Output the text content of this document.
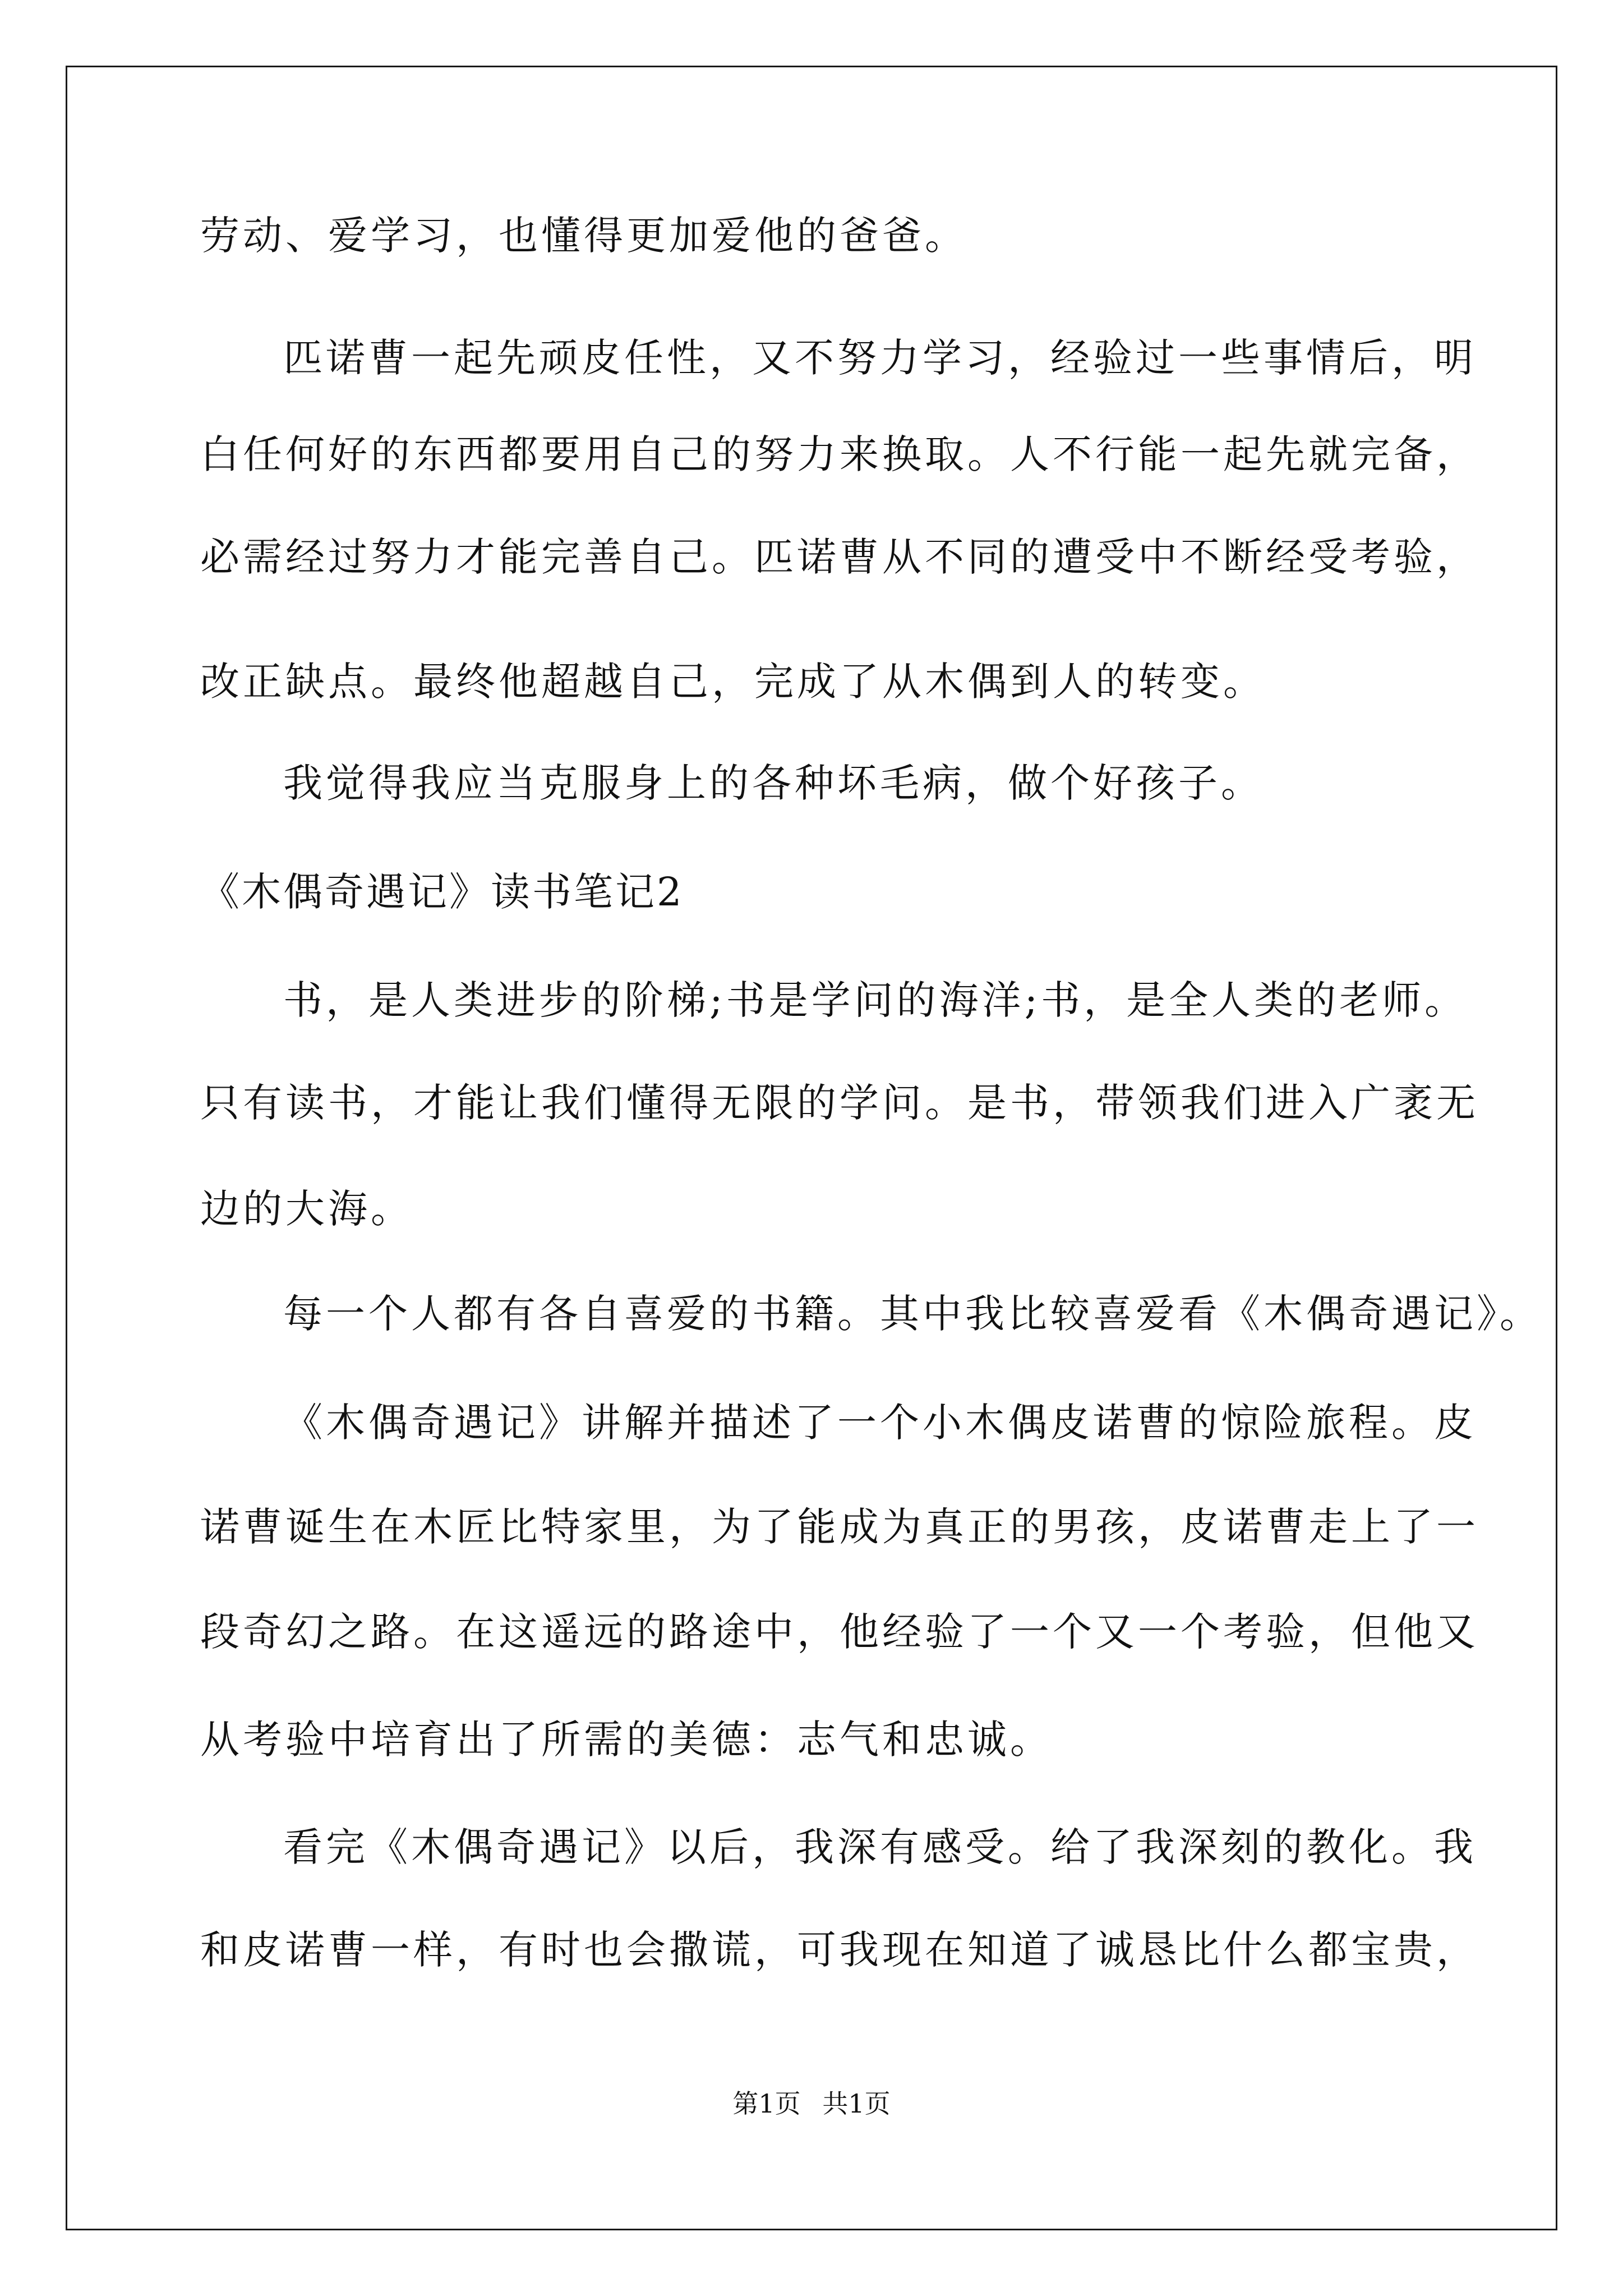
劳动、爱学习，也懂得更加爱他的爸爸。

匹诺曹一起先顽皮任性，又不努力学习，经验过一些事情后，明

白任何好的东西都要用自己的努力来换取。人不行能一起先就完备，

必需经过努力才能完善自己。匹诺曹从不同的遭受中不断经受考验，

改正缺点。最终他超越自己，完成了从木偶到人的转变。

我觉得我应当克服身上的各种坏毛病，做个好孩子。

《木偶奇遇记》读书笔记2

书，是人类进步的阶梯;书是学问的海洋;书，是全人类的老师。

只有读书，才能让我们懂得无限的学问。是书，带领我们进入广袤无

边的大海。

每一个人都有各自喜爱的书籍。其中我比较喜爱看《木偶奇遇记》。

《木偶奇遇记》讲解并描述了一个小木偶皮诺曹的惊险旅程。皮

诺曹诞生在木匠比特家里，为了能成为真正的男孩，皮诺曹走上了一

段奇幻之路。在这遥远的路途中，他经验了一个又一个考验，但他又

从考验中培育出了所需的美德：志气和忠诚。

看完《木偶奇遇记》以后，我深有感受。给了我深刻的教化。我

和皮诺曹一样，有时也会撒谎，可我现在知道了诚恳比什么都宝贵，

第1页 共1页
